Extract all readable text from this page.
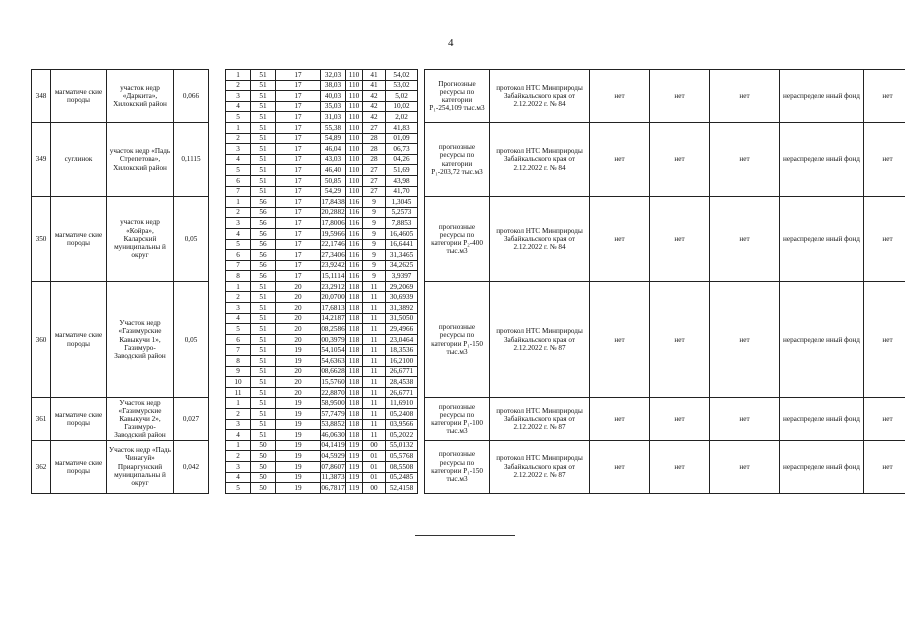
4
348	магматиче ские породы	участок недр «Даркита», Хилокский район	0,066		1	51	17	32,03	110	41	54,02		Прогнозные ресурсы по категории P₁-254,109 тыс.м3	протокол НТС Минприроды Забайкальского края от 2.12.2022 г. № 84	нет	нет	нет	нераспределе нный фонд	нет
					2	51	17	38,03	110	41	53,02								
					3	51	17	40,03	110	42	5,02								
					4	51	17	35,03	110	42	10,02								
					5	51	17	31,03	110	42	2,02								
349	суглинок	участок недр «Падь Стрепетова», Хилокский район	0,1115		1	51	17	55,38	110	27	41,83		прогнозные ресурсы по категории P₁-203,72 тыс.м3	протокол НТС Минприроды Забайкальского края от 2.12.2022 г. № 84	нет	нет	нет	нераспределе нный фонд	нет
					2	51	17	54,89	110	28	01,09								
					3	51	17	46,04	110	28	06,73								
					4	51	17	43,03	110	28	04,26								
					5	51	17	46,40	110	27	51,69								
					6	51	17	50,85	110	27	43,98								
					7	51	17	54,29	110	27	41,70								
350	магматиче ские породы	участок недр «Койра», Каларский муниципальны й округ	0,05		1	56	17	17,8438	116	9	1,3045		прогнозные ресурсы по категории P₂-400 тыс.м3	протокол НТС Минприроды Забайкальского края от 2.12.2022 г. № 84	нет	нет	нет	нераспределе нный фонд	нет
					2	56	17	20,2882	116	9	5,2573								
					3	56	17	17,8006	116	9	7,8853								
					4	56	17	19,5966	116	9	16,4605								
					5	56	17	22,1746	116	9	16,6441								
					6	56	17	27,3406	116	9	31,3465								
					7	56	17	23,9242	116	9	34,2625								
					8	56	17	15,1114	116	9	3,9397								
360	магматиче ские породы	Участок недр «Газимурские Кавыкучи 1», Газимуро-Заводский район	0,05		1	51	20	23,2912	118	11	29,2069		прогнозные ресурсы по категории P₁-150 тыс.м3	протокол НТС Минприроды Забайкальского края от 2.12.2022 г. № 87	нет	нет	нет	нераспределе нный фонд	нет
					2	51	20	20,0700	118	11	30,6939								
					3	51	20	17,6813	118	11	31,3892								
					4	51	20	14,2187	118	11	31,5050								
					5	51	20	08,2586	118	11	29,4966								
					6	51	20	00,3979	118	11	23,0464								
					7	51	19	54,1054	118	11	18,3536								
					8	51	19	54,6363	118	11	16,2100								
					9	51	20	08,6628	118	11	26,6771								
					10	51	20	15,5760	118	11	28,4538								
					11	51	20	22,8870	118	11	26,6771								
361	магматиче ские породы	Участок недр «Газимурские Кавыкучи 2», Газимуро-Заводский район	0,027		1	51	19	58,9500	118	11	11,6910		прогнозные ресурсы по категории P₁-100 тыс.м3	протокол НТС Минприроды Забайкальского края от 2.12.2022 г. № 87	нет	нет	нет	нераспределе нный фонд	нет
					2	51	19	57,7479	118	11	05,2408								
					3	51	19	53,8852	118	11	03,9566								
					4	51	19	46,0630	118	11	05,2022								
362	магматиче ские породы	Участок недр «Падь Чинагуй» Приаргунский муниципальны й округ	0,042		1	50	19	04,1419	119	00	55,0132		прогнозные ресурсы по категории P₁-150 тыс.м3	протокол НТС Минприроды Забайкальского края от 2.12.2022 г. № 87	нет	нет	нет	нераспределе нный фонд	нет
					2	50	19	04,5929	119	01	05,5768								
					3	50	19	07,8607	119	01	08,5508								
					4	50	19	11,3873	119	01	05,2485								
					5	50	19	06,7817	119	00	52,4158								
